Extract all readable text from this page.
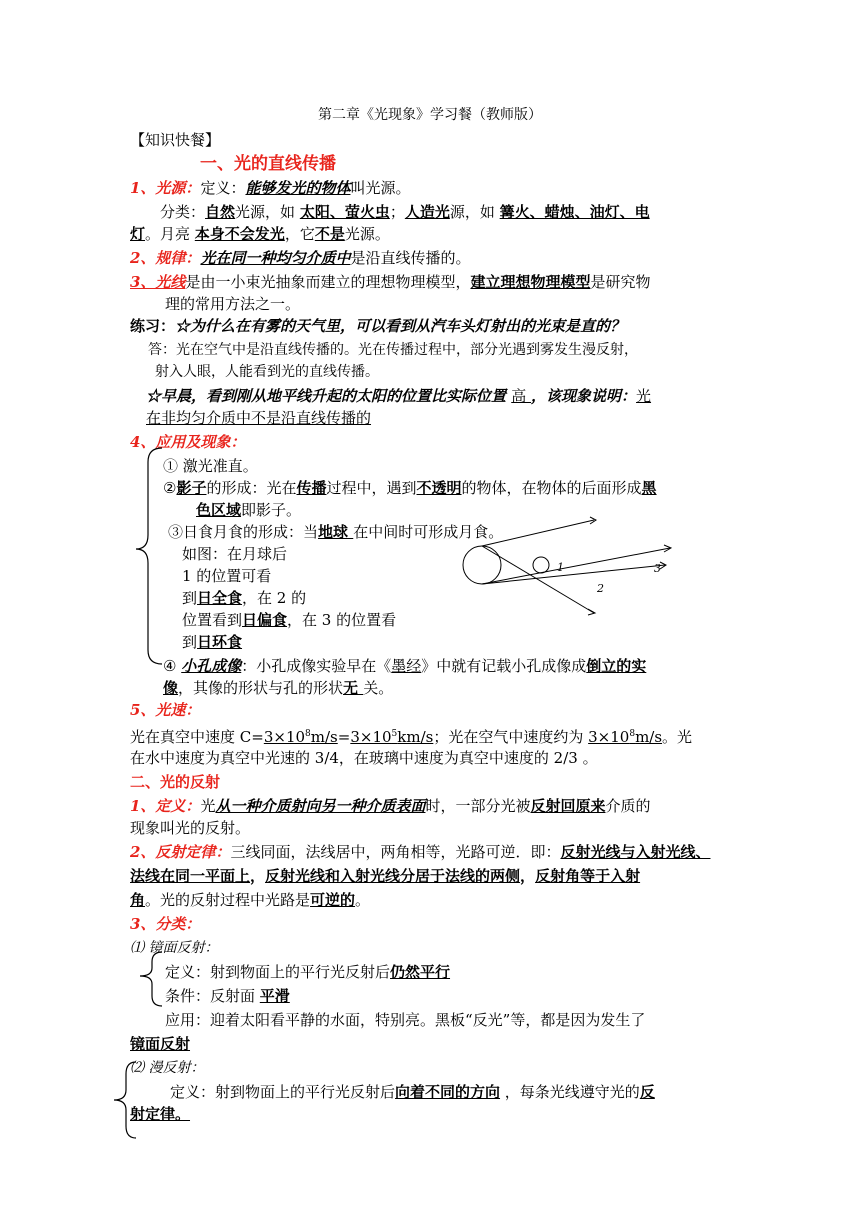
第二章《光现象》学习餐（教师版）
【知识快餐】
一、光的直线传播
1、光源：定义：能够发光的物体叫光源。
分类：自然光源，如 太阳、萤火虫；人造光源，如 篝火、蜡烛、油灯、电
灯。月亮 本身不会发光，它不是光源。
2、规律：光在同一种均匀介质中是沿直线传播的。
3、光线是由一小束光抽象而建立的理想物理模型，建立理想物理模型是研究物
理的常用方法之一。
练习：☆为什么在有雾的天气里，可以看到从汽车头灯射出的光束是直的？
答：光在空气中是沿直线传播的。光在传播过程中，部分光遇到雾发生漫反射，
射入人眼，人能看到光的直线传播。
☆早晨，看到刚从地平线升起的太阳的位置比实际位置 高 ，该现象说明：光
在非均匀介质中不是沿直线传播的
4、应用及现象：
① 激光准直。
②影子的形成：光在传播过程中，遇到不透明的物体，在物体的后面形成黑
色区域即影子。
③日食月食的形成：当地球 在中间时可形成月食。
如图：在月球后
1 的位置可看
到日全食，在 2 的
位置看到日偏食，在 3 的位置看
到日环食
④ 小孔成像：小孔成像实验早在《墨经》中就有记载小孔成像成倒立的实
像，其像的形状与孔的形状无 关。
5、光速：
光在真空中速度 $C=3\times 10^8m/s=3\times 10^5km/s$；光在空气中速度约为 $3\times 10^8m/s$。光
在水中速度为真空中光速的 3/4，在玻璃中速度为真空中速度的 2/3 。
二、光的反射
1、定义：光从一种介质射向另一种介质表面时，一部分光被反射回原来介质的
现象叫光的反射。
2、反射定律：三线同面，法线居中，两角相等，光路可逆．即：反射光线与入射光线、
法线在同一平面上，反射光线和入射光线分居于法线的两侧，反射角等于入射
角。光的反射过程中光路是可逆的。
3、分类：
⑴ 镜面反射：
定义：射到物面上的平行光反射后仍然平行
条件：反射面 平滑
应用：迎着太阳看平静的水面，特别亮。黑板“反光”等，都是因为发生了
镜面反射
⑵ 漫反射：
定义：射到物面上的平行光反射后向着不同的方向 ，每条光线遵守光的反
射定律。
1
2
3
